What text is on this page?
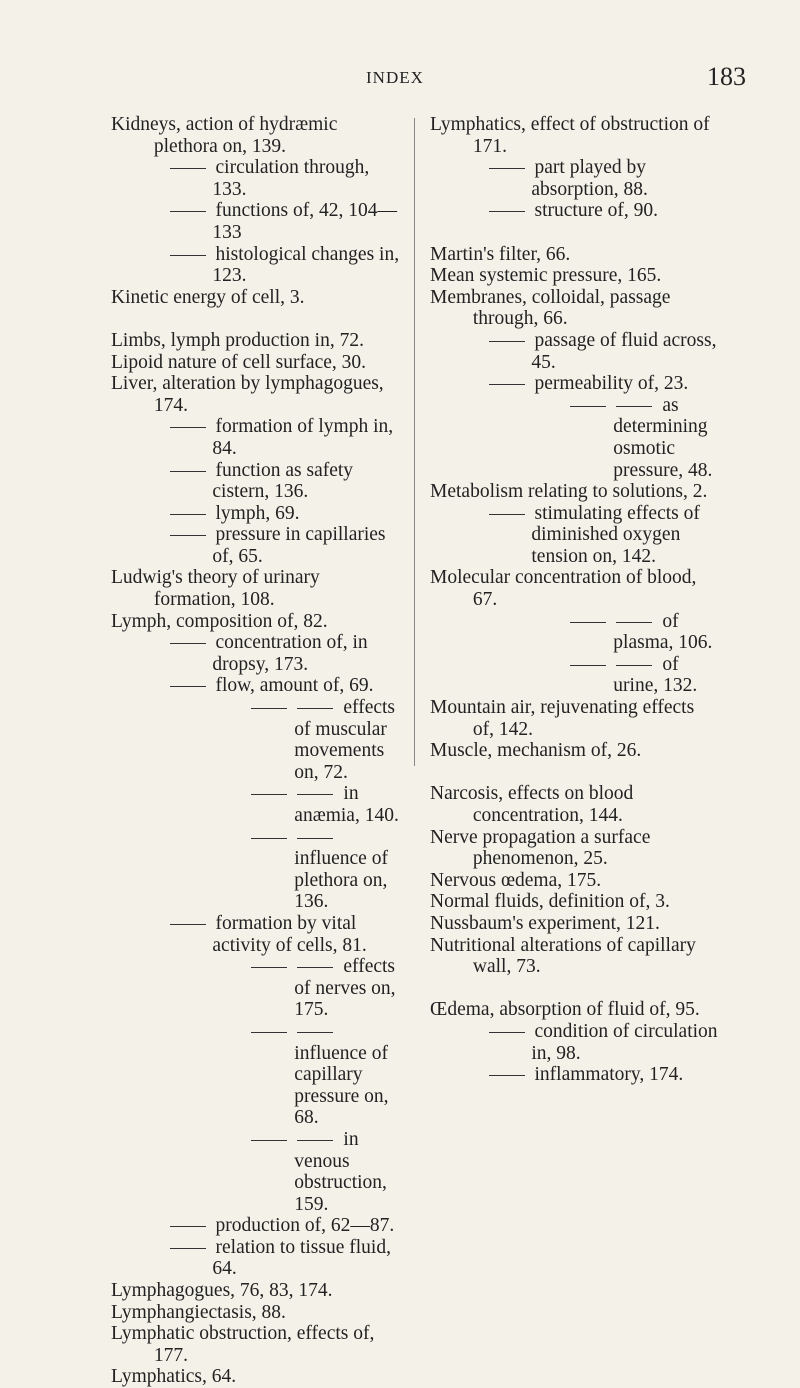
INDEX	183
Kidneys, action of hydræmic plethora on, 139.
circulation through, 133.
functions of, 42, 104—133
histological changes in, 123.
Kinetic energy of cell, 3.
Limbs, lymph production in, 72.
Lipoid nature of cell surface, 30.
Liver, alteration by lymphagogues, 174.
formation of lymph in, 84.
function as safety cistern, 136.
lymph, 69.
pressure in capillaries of, 65.
Ludwig's theory of urinary formation, 108.
Lymph, composition of, 82.
concentration of, in dropsy, 173.
flow, amount of, 69.
effects of muscular movements on, 72.
in anæmia, 140.
influence of plethora on, 136.
formation by vital activity of cells, 81.
effects of nerves on, 175.
influence of capillary pressure on, 68.
in venous obstruction, 159.
production of, 62—87.
relation to tissue fluid, 64.
Lymphagogues, 76, 83, 174.
Lymphangiectasis, 88.
Lymphatic obstruction, effects of, 177.
Lymphatics, 64.
Lymphatics, effect of obstruction of 171.
part played by absorption, 88.
structure of, 90.
Martin's filter, 66.
Mean systemic pressure, 165.
Membranes, colloidal, passage through, 66.
passage of fluid across, 45.
permeability of, 23.
as determining osmotic pressure, 48.
Metabolism relating to solutions, 2.
stimulating effects of diminished oxygen tension on, 142.
Molecular concentration of blood, 67.
of plasma, 106.
of urine, 132.
Mountain air, rejuvenating effects of, 142.
Muscle, mechanism of, 26.
Narcosis, effects on blood concentration, 144.
Nerve propagation a surface phenomenon, 25.
Nervous œdema, 175.
Normal fluids, definition of, 3.
Nussbaum's experiment, 121.
Nutritional alterations of capillary wall, 73.
Œdema, absorption of fluid of, 95.
condition of circulation in, 98.
inflammatory, 174.
